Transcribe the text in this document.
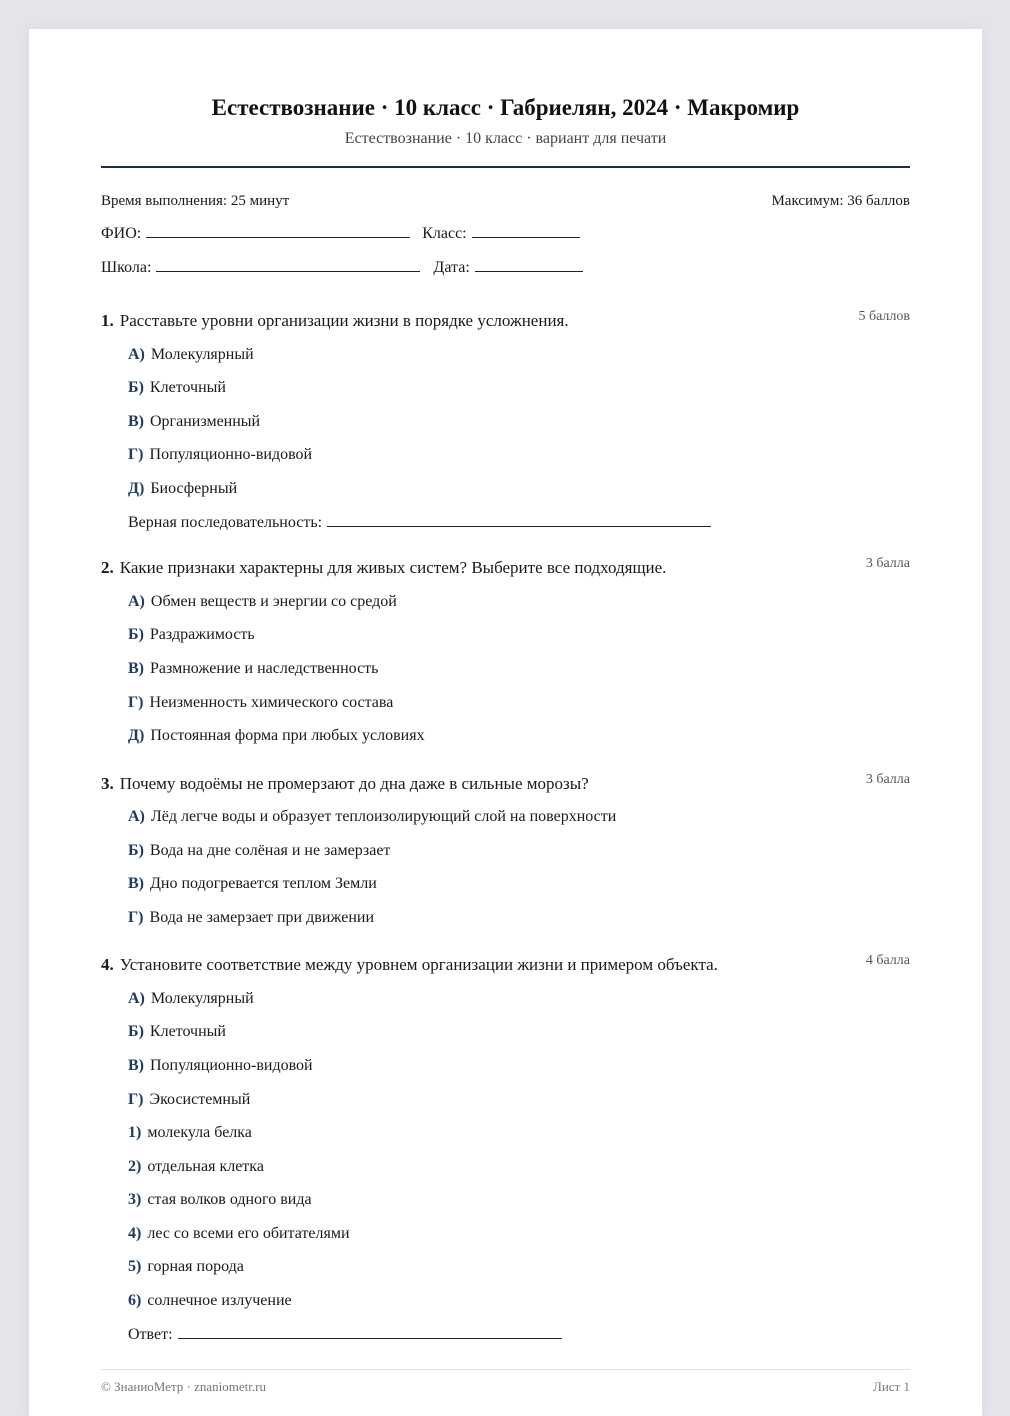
Естествознание · 10 класс · Габриелян, 2024 · Макромир
Естествознание · 10 класс · вариант для печати
Время выполнения: 25 минут	Максимум: 36 баллов
ФИО:	Класс:
Школа:	Дата:
1. Расставьте уровни организации жизни в порядке усложнения.	5 баллов
А) Молекулярный
Б) Клеточный
В) Организменный
Г) Популяционно-видовой
Д) Биосферный
Верная последовательность:
2. Какие признаки характерны для живых систем? Выберите все подходящие.	3 балла
А) Обмен веществ и энергии со средой
Б) Раздражимость
В) Размножение и наследственность
Г) Неизменность химического состава
Д) Постоянная форма при любых условиях
3. Почему водоёмы не промерзают до дна даже в сильные морозы?	3 балла
А) Лёд легче воды и образует теплоизолирующий слой на поверхности
Б) Вода на дне солёная и не замерзает
В) Дно подогревается теплом Земли
Г) Вода не замерзает при движении
4. Установите соответствие между уровнем организации жизни и примером объекта.	4 балла
А) Молекулярный
Б) Клеточный
В) Популяционно-видовой
Г) Экосистемный
1) молекула белка
2) отдельная клетка
3) стая волков одного вида
4) лес со всеми его обитателями
5) горная порода
6) солнечное излучение
Ответ:
© ЗнаниоМетр · znaniometr.ru	Лист 1
